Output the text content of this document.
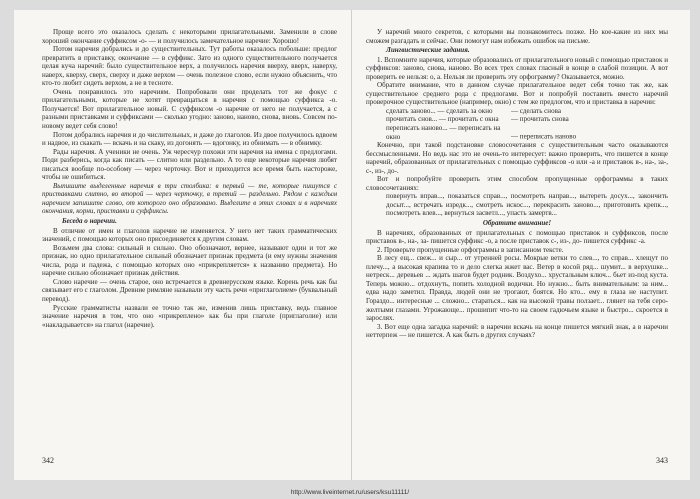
Проще всего это оказалось сделать с некоторыми прилагательными. Заменили в слове хороший окончание суффиксом -о- — и получилось замечательное наречие: Хорошо!

Потом наречия добрались и до существительных. Тут работы оказалось побольше: предлог превратить в приставку, окончание — в суффикс. Зато из одного существительного получается целая куча наречий: было существительное верх, а получилось наречия вверху, вверх, наверху, наверх, кверху, сверх, сверху и даже верхом — очень полезное слово, если нужно объяснить, что кто-то любит сидеть верхом, а не в тесноте.

Очень понравилось это наречиям. Попробовали они проделать тот же фокус с прилагательными, которые не хотят превращаться в наречия с помощью суффикса -о. Получается! Вот прилагательное новый. С суффиксом -о наречие от него не получается, а с разными приставками и суффиксами — сколько угодно: заново, наново, снова, вновь. Совсем по-новому ведет себя слово!

Потом добрались наречия и до числительных, и даже до глаголов. Из двое получилось вдвоем и надвое, из скакать — вскачь и на скаку, из догонять — вдогонку, из обнимать — в обнимку.

Рады наречия. А ученики не очень. Уж чересчур похожи эти наречия на имена с предлогами. Поди разберись, когда как писать — слитно или раздельно. А то еще некоторые наречия любят писаться вообще по-особому — через черточку. Вот и приходится все время быть настороже, чтобы не ошибиться.

Выпишите выделенные наречия в три столбика: в первый — те, которые пишутся с приставками слитно, во второй — через черточку, в третий — раздельно. Рядом с каждым наречием запишите слово, от которого оно образовано. Выделите в этих словах и в наречиях окончания, корни, приставки и суффиксы.

Беседа о наречии.

В отличие от имен и глаголов наречие не изменяется. У него нет таких грамматических значений, с помощью которых оно присоединяется к другим словам.

Возьмем два слова: сильный и сильно. Оно обозначают, вернее, называют один и тот же признак, но одно прилагательное сильный обозначает признак предмета (и ему нужны значения числа, рода и падежа, с помощью которых оно «прикрепляется» к названию предмета). Но наречие сильно обозначает признак действия.

Слово наречие — очень старое, оно встречается в древнерусском языке. Корень речь как бы связывает его с глаголом. Древние римляне называли эту часть речи «приглаголием» (буквальный перевод).

Русские грамматисты назвали ее точно так же, изменив лишь приставку, ведь главное значение наречия в том, что оно «прикреплено» как бы при глаголе (приглаголие) или «накладывается» на глагол (наречие).

342

У наречий много секретов, с которыми вы познакомитесь позже. Но кое-какие из них мы сможем разгадать и сейчас. Они помогут нам избежать ошибок на письме.

Лингвистические задания.

1. Вспомните наречия, которые образовались от прилагательного новый с помощью приставок и суффиксов: заново, снова, наново. Во всех трех словах гласный в конце в слабой позиции. А вот проверить ее нельзя: о, а. Нельзя ли проверить эту орфограмму? Оказывается, можно.

Обратите внимание, что в данном случае прилагательное ведет себя точно так же, как существительное среднего рода с предлогами. Вот и попробуй поставить вместо наречий проверочное существительное (например, окно) с тем же предлогом, что и приставка в наречии:

сделать заново... — сделать за окно	— сделать снова
прочитать снов... — прочитать с окна — прочитать снова
переписать наново... — переписать на окно	— переписать наново

Конечно, при такой подстановке словосочетания с существительным часто оказываются бессмысленными. Но ведь нас это не очень-то интересует: важно проверить, что пишется в конце наречий, образованных от прилагательных с помощью суффиксов -о или -а и приставок в-, на-, за-, с-, из-, до-.

Вот и попробуйте проверить этим способом пропущенные орфограммы в таких словосочетаниях:

повернуть вправ..., показаться справ..., посмотреть направ..., вытереть досух..., закончить досыт..., встречать изредк..., смотреть искос..., перекрасить заново..., приготовить крепк..., посмотреть влев..., вернуться засветл..., упасть замертв...

Обратите внимание!

В наречиях, образованных от прилагательных с помощью приставок и суффиксов, после приставок в-, на-, за- пишется суффикс -о, а после приставок с-, из-, до- пишется суффикс -а.

2. Проверьте пропущенные орфограммы в записанном тексте.

В лесу ещ... свеж... и сыр... от утренней росы. Мокрые ветки то слев..., то справ... хлещут по плечу..., а высокая крапива то и дело слегка жжет вас. Ветер в косой ряд... шумит... в верхушке... нетреск... деревьев ... ждать шагов будет родник. Воздухо... хрустальным ключ... бьет из-под куста. Теперь можно... отдохнуть, попить холодной водички. Но нужно... быть внимательным: за ним... едва надо заметил. Правда, людей они не трогают, боятся. Но кто... ему в глаза не наступит. Гораздо... интересные ... сложно... стараться... как на высокой травы ползает... глянет на тебя серо-желтыми глазами. Угрожающе... прошипит что-то на своем гадючьем языке и быстро... скроется в зарослях.

3. Вот еще одна загадка наречий: в наречии вскачь на конце пишется мягкий знак, а в наречии неттерпеж — не пишется. А как быть в других случаях?

343
http://www.liveinternet.ru/users/ksu11111/
